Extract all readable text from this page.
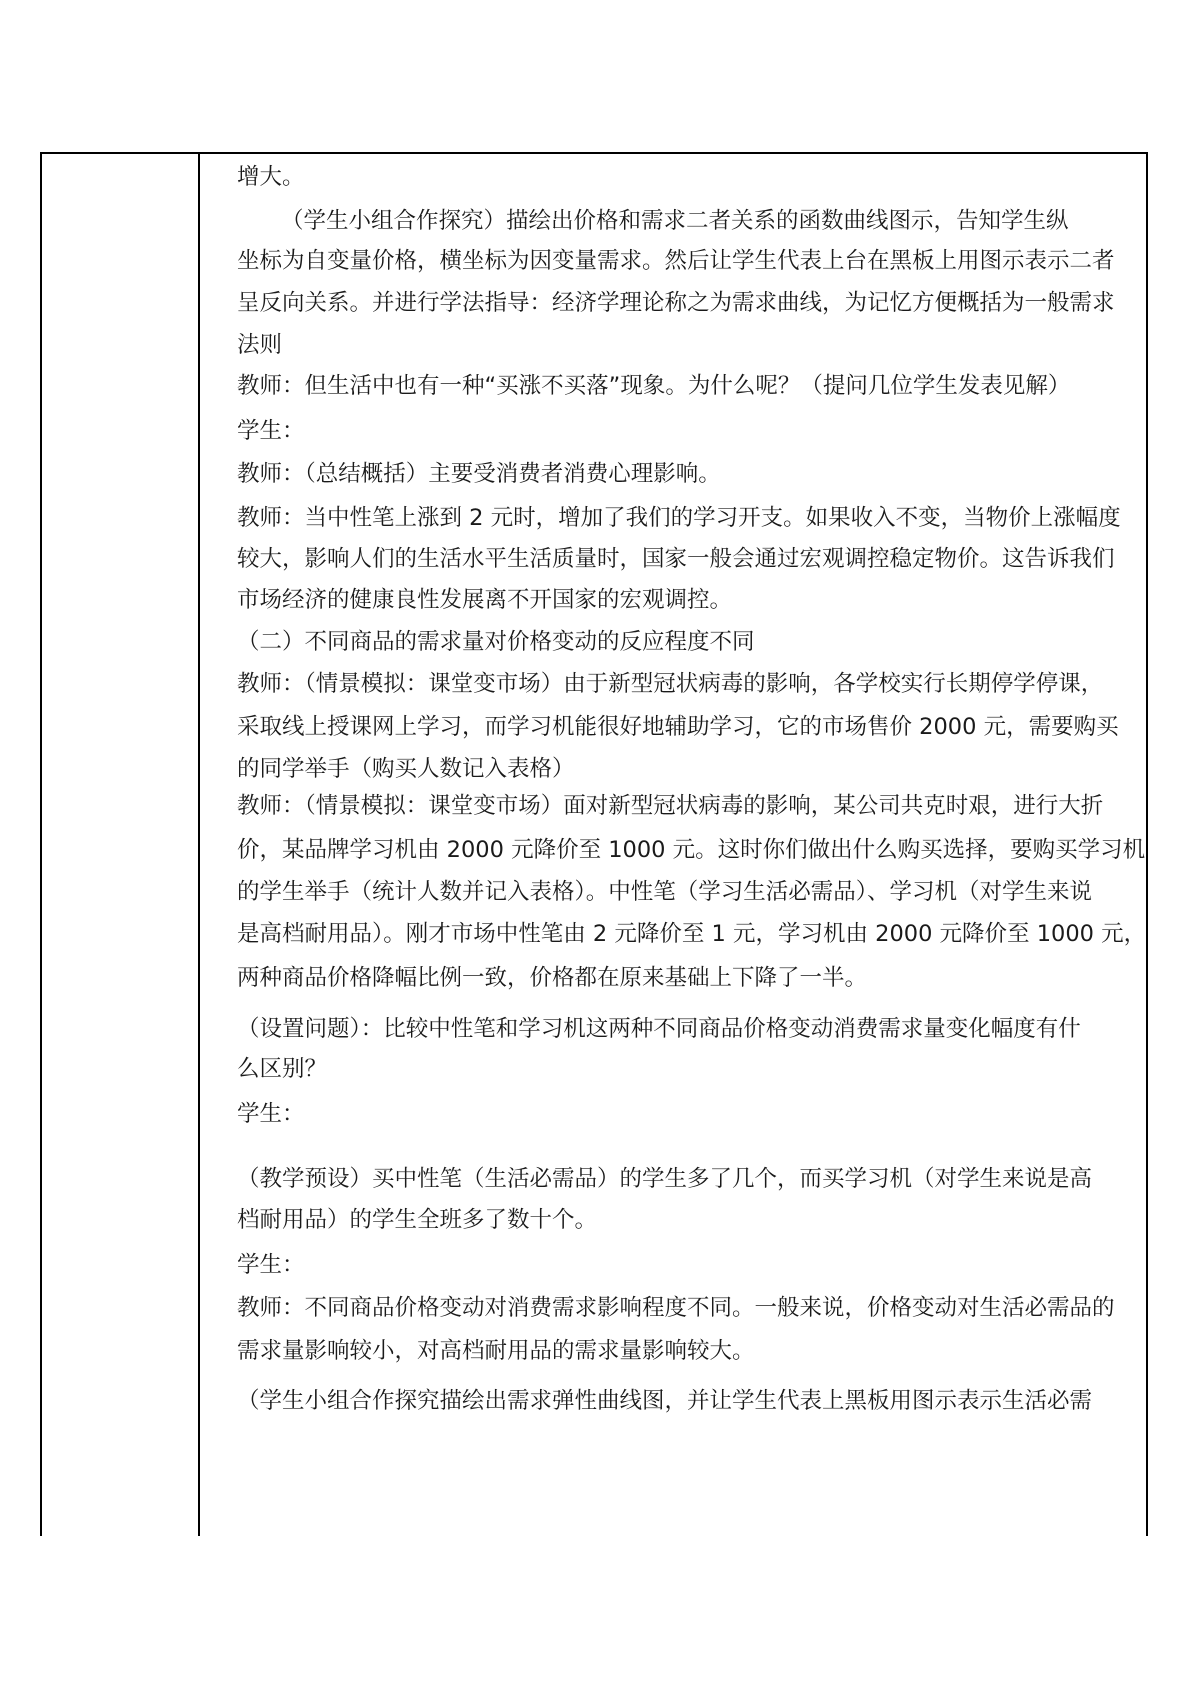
增大。
（学生小组合作探究）描绘出价格和需求二者关系的函数曲线图示，告知学生纵
坐标为自变量价格，横坐标为因变量需求。然后让学生代表上台在黑板上用图示表示二者
呈反向关系。并进行学法指导：经济学理论称之为需求曲线，为记忆方便概括为一般需求
法则
教师：但生活中也有一种“买涨不买落”现象。为什么呢？（提问几位学生发表见解）
学生：
教师：（总结概括）主要受消费者消费心理影响。
教师：当中性笔上涨到 2 元时，增加了我们的学习开支。如果收入不变，当物价上涨幅度
较大，影响人们的生活水平生活质量时，国家一般会通过宏观调控稳定物价。这告诉我们
市场经济的健康良性发展离不开国家的宏观调控。
（二）不同商品的需求量对价格变动的反应程度不同
教师：（情景模拟：课堂变市场）由于新型冠状病毒的影响，各学校实行长期停学停课，
采取线上授课网上学习，而学习机能很好地辅助学习，它的市场售价 2000 元，需要购买
的同学举手（购买人数记入表格）
教师：（情景模拟：课堂变市场）面对新型冠状病毒的影响，某公司共克时艰，进行大折
价，某品牌学习机由 2000 元降价至 1000 元。这时你们做出什么购买选择，要购买学习机
的学生举手（统计人数并记入表格）。中性笔（学习生活必需品）、学习机（对学生来说
是高档耐用品）。刚才市场中性笔由 2 元降价至 1 元，学习机由 2000 元降价至 1000 元，
两种商品价格降幅比例一致，价格都在原来基础上下降了一半。
（设置问题）：比较中性笔和学习机这两种不同商品价格变动消费需求量变化幅度有什
么区别？
学生：
（教学预设）买中性笔（生活必需品）的学生多了几个，而买学习机（对学生来说是高
档耐用品）的学生全班多了数十个。
学生：
教师：不同商品价格变动对消费需求影响程度不同。一般来说，价格变动对生活必需品的
需求量影响较小，对高档耐用品的需求量影响较大。
（学生小组合作探究描绘出需求弹性曲线图，并让学生代表上黑板用图示表示生活必需
